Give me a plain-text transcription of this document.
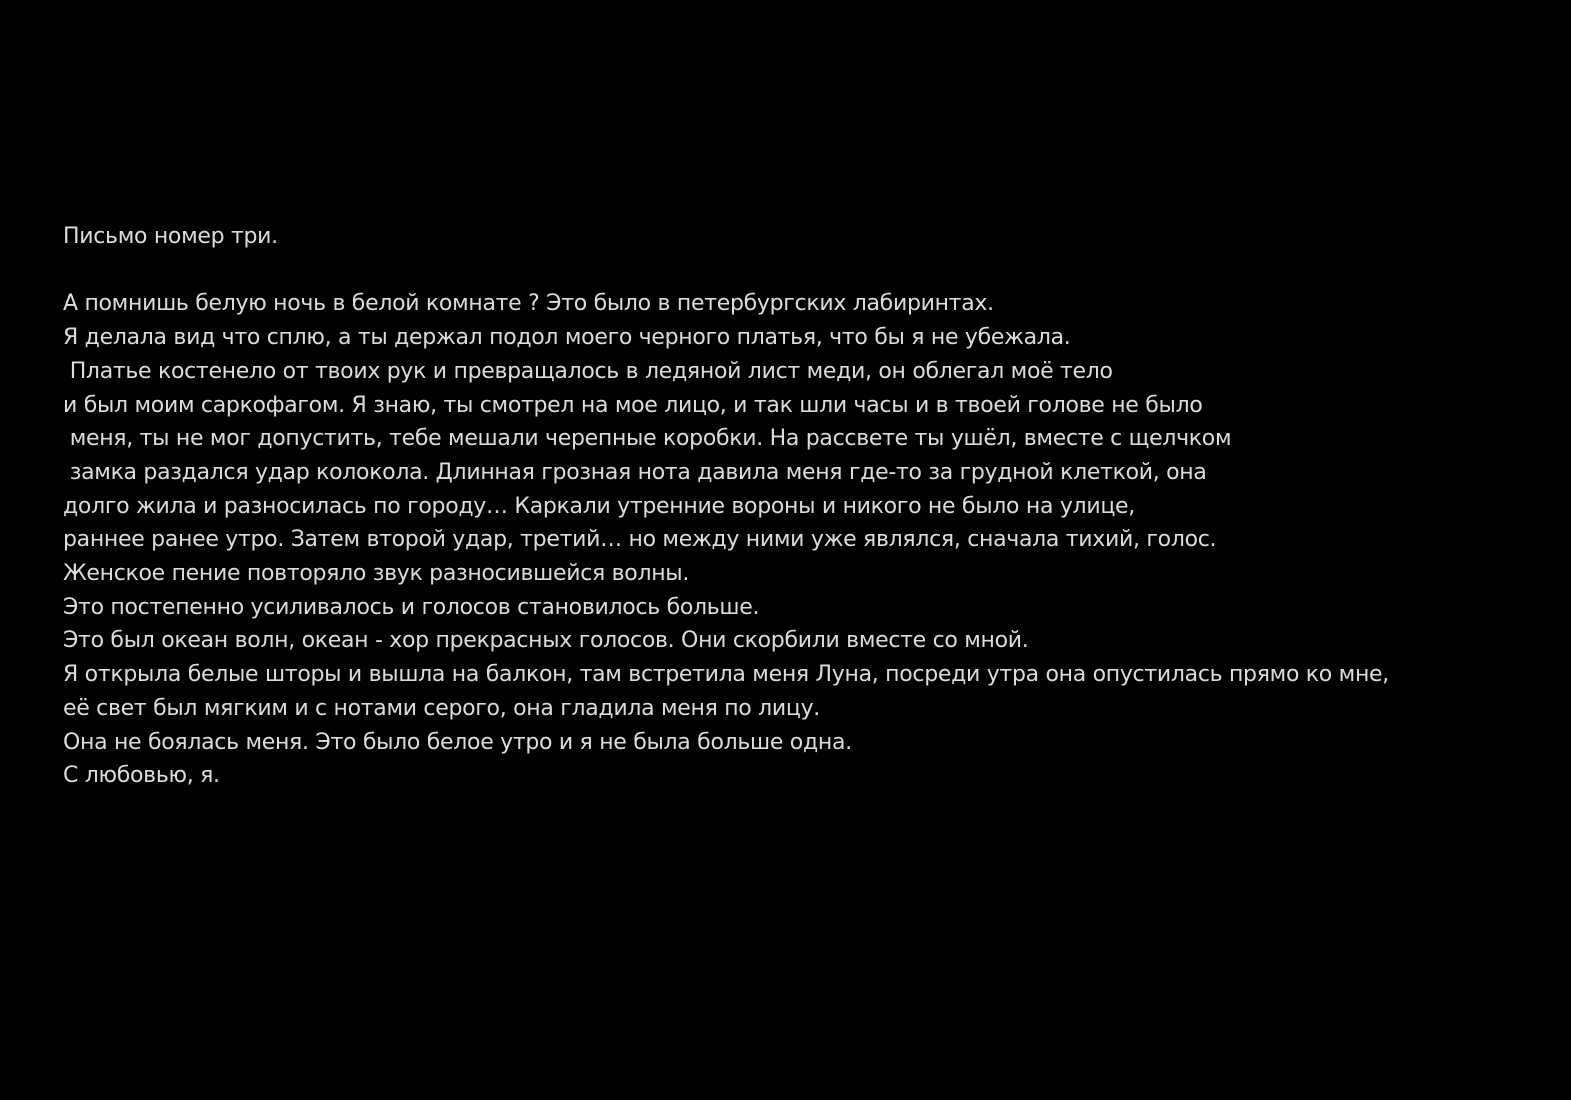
Письмо номер три.

А помнишь белую ночь в белой комнате ? Это было в петербургских лабиринтах.

Я делала вид что сплю, а ты держал подол моего черного платья, что бы я не убежала.

Платье костенело от твоих рук и превращалось в ледяной лист меди, он облегал моё тело

и был моим саркофагом. Я знаю, ты смотрел на мое лицо, и так шли часы и в твоей голове не было

меня, ты не мог допустить, тебе мешали черепные коробки. На рассвете ты ушёл, вместе с щелчком

замка раздался удар колокола. Длинная грозная нота давила меня где-то за грудной клеткой, она

долго жила и разносилась по городу… Каркали утренние вороны и никого не было на улице,

раннее ранее утро. Затем второй удар, третий… но между ними уже являлся, сначала тихий, голос.

Женское пение повторяло звук разносившейся волны.

Это постепенно усиливалось и голосов становилось больше.

Это был океан волн, океан - хор прекрасных голосов. Они скорбили вместе со мной.

Я открыла белые шторы и вышла на балкон, там встретила меня Луна, посреди утра она опустилась прямо ко мне,

её свет был мягким и с нотами серого, она гладила меня по лицу.

Она не боялась меня. Это было белое утро и я не была больше одна.

С любовью, я.
